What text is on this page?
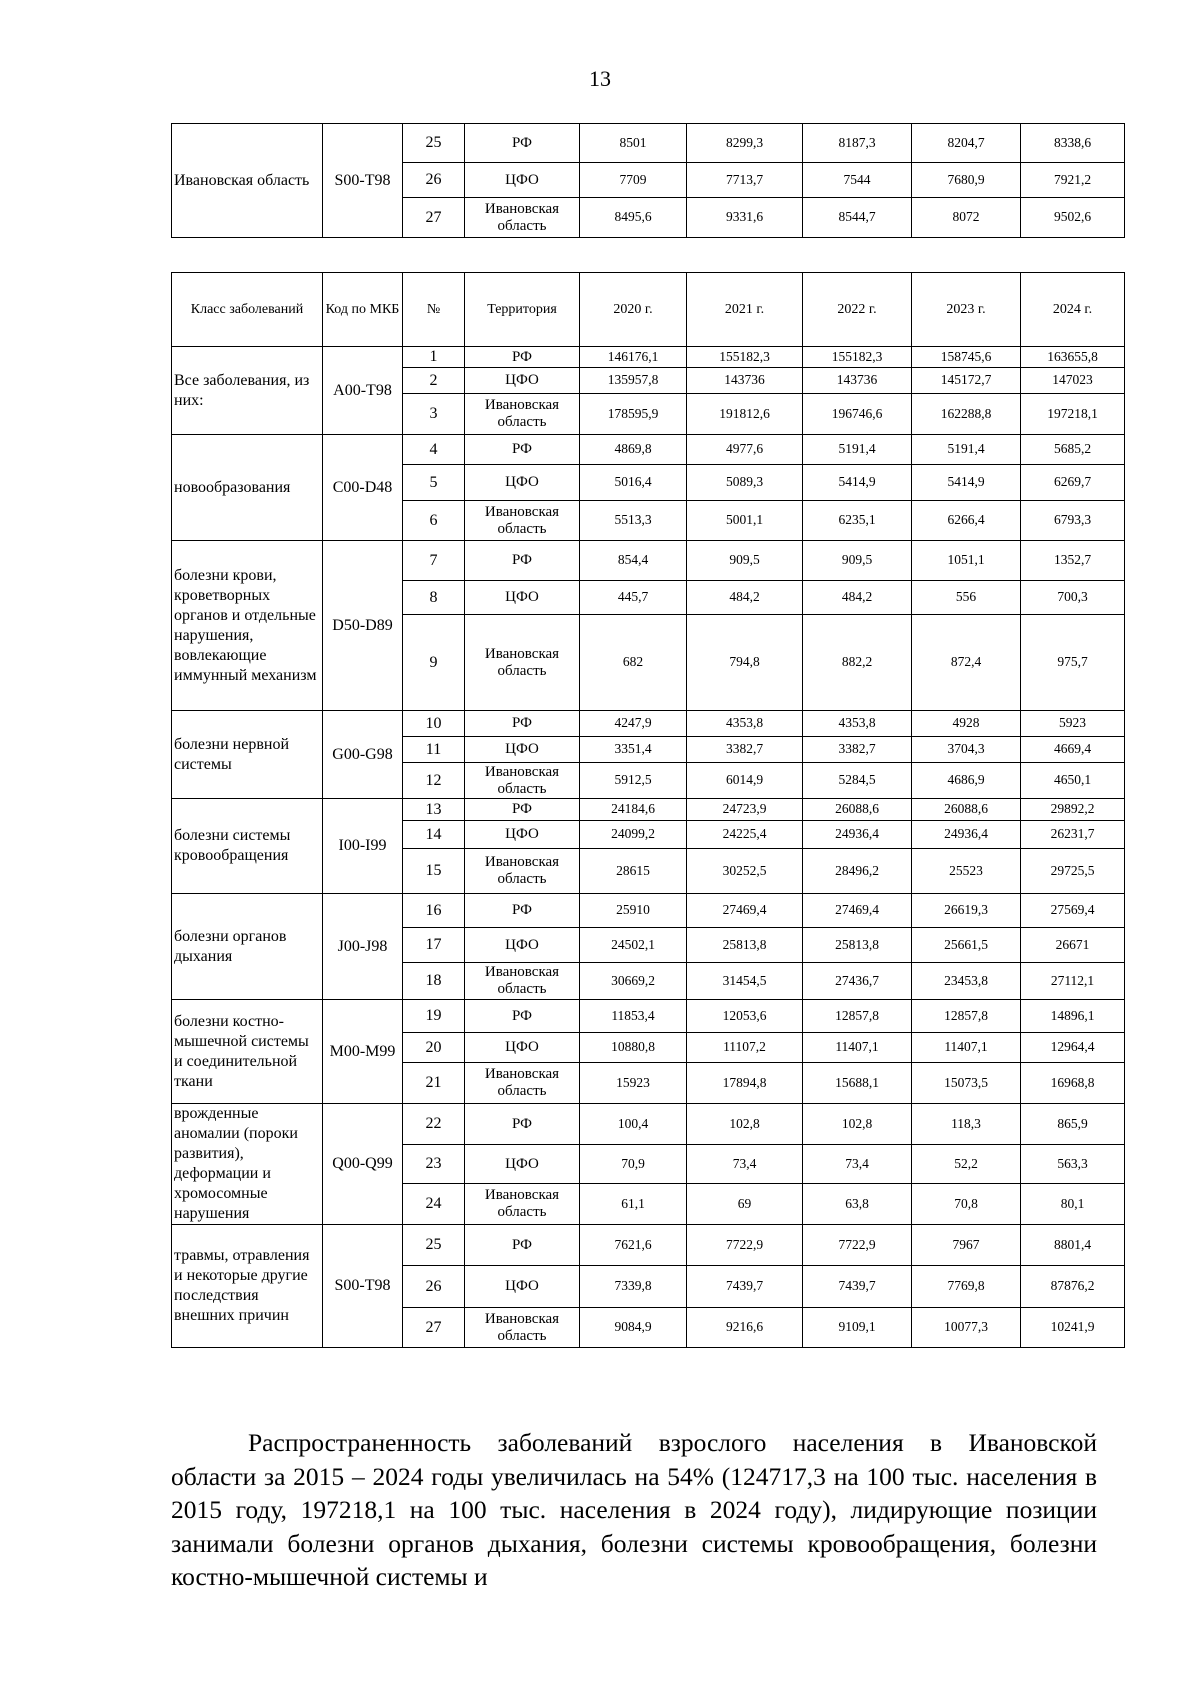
13
Ивановская область	S00-T98	25	РФ	8501	8299,3	8187,3	8204,7	8338,6
		26	ЦФО	7709	7713,7	7544	7680,9	7921,2
		27	Ивановская область	8495,6	9331,6	8544,7	8072	9502,6
Класс заболеваний	Код по МКБ	№	Территория	2020 г.	2021 г.	2022 г.	2023 г.	2024 г.
Все заболевания, из них:	A00-T98	1	РФ	146176,1	155182,3	155182,3	158745,6	163655,8
		2	ЦФО	135957,8	143736	143736	145172,7	147023
		3	Ивановская область	178595,9	191812,6	196746,6	162288,8	197218,1
новообразования	C00-D48	4	РФ	4869,8	4977,6	5191,4	5191,4	5685,2
		5	ЦФО	5016,4	5089,3	5414,9	5414,9	6269,7
		6	Ивановская область	5513,3	5001,1	6235,1	6266,4	6793,3
болезни крови, кроветворных органов и отдельные нарушения, вовлекающие иммунный механизм	D50-D89	7	РФ	854,4	909,5	909,5	1051,1	1352,7
		8	ЦФО	445,7	484,2	484,2	556	700,3
		9	Ивановская область	682	794,8	882,2	872,4	975,7
болезни нервной системы	G00-G98	10	РФ	4247,9	4353,8	4353,8	4928	5923
		11	ЦФО	3351,4	3382,7	3382,7	3704,3	4669,4
		12	Ивановская область	5912,5	6014,9	5284,5	4686,9	4650,1
болезни системы кровообращения	I00-I99	13	РФ	24184,6	24723,9	26088,6	26088,6	29892,2
		14	ЦФО	24099,2	24225,4	24936,4	24936,4	26231,7
		15	Ивановская область	28615	30252,5	28496,2	25523	29725,5
болезни органов дыхания	J00-J98	16	РФ	25910	27469,4	27469,4	26619,3	27569,4
		17	ЦФО	24502,1	25813,8	25813,8	25661,5	26671
		18	Ивановская область	30669,2	31454,5	27436,7	23453,8	27112,1
болезни костно-мышечной системы и соединительной ткани	M00-M99	19	РФ	11853,4	12053,6	12857,8	12857,8	14896,1
		20	ЦФО	10880,8	11107,2	11407,1	11407,1	12964,4
		21	Ивановская область	15923	17894,8	15688,1	15073,5	16968,8
врожденные аномалии (пороки развития), деформации и хромосомные нарушения	Q00-Q99	22	РФ	100,4	102,8	102,8	118,3	865,9
		23	ЦФО	70,9	73,4	73,4	52,2	563,3
		24	Ивановская область	61,1	69	63,8	70,8	80,1
травмы, отравления и некоторые другие последствия внешних причин	S00-T98	25	РФ	7621,6	7722,9	7722,9	7967	8801,4
		26	ЦФО	7339,8	7439,7	7439,7	7769,8	87876,2
		27	Ивановская область	9084,9	9216,6	9109,1	10077,3	10241,9
Распространенность заболеваний взрослого населения в Ивановской
области за 2015 – 2024 годы увеличилась на 54% (124717,3 на 100 тыс. населения в 2015 году, 197218,1 на 100 тыс. населения в 2024 году), лидирующие позиции занимали болезни органов дыхания, болезни системы кровообращения, болезни костно-мышечной системы и
